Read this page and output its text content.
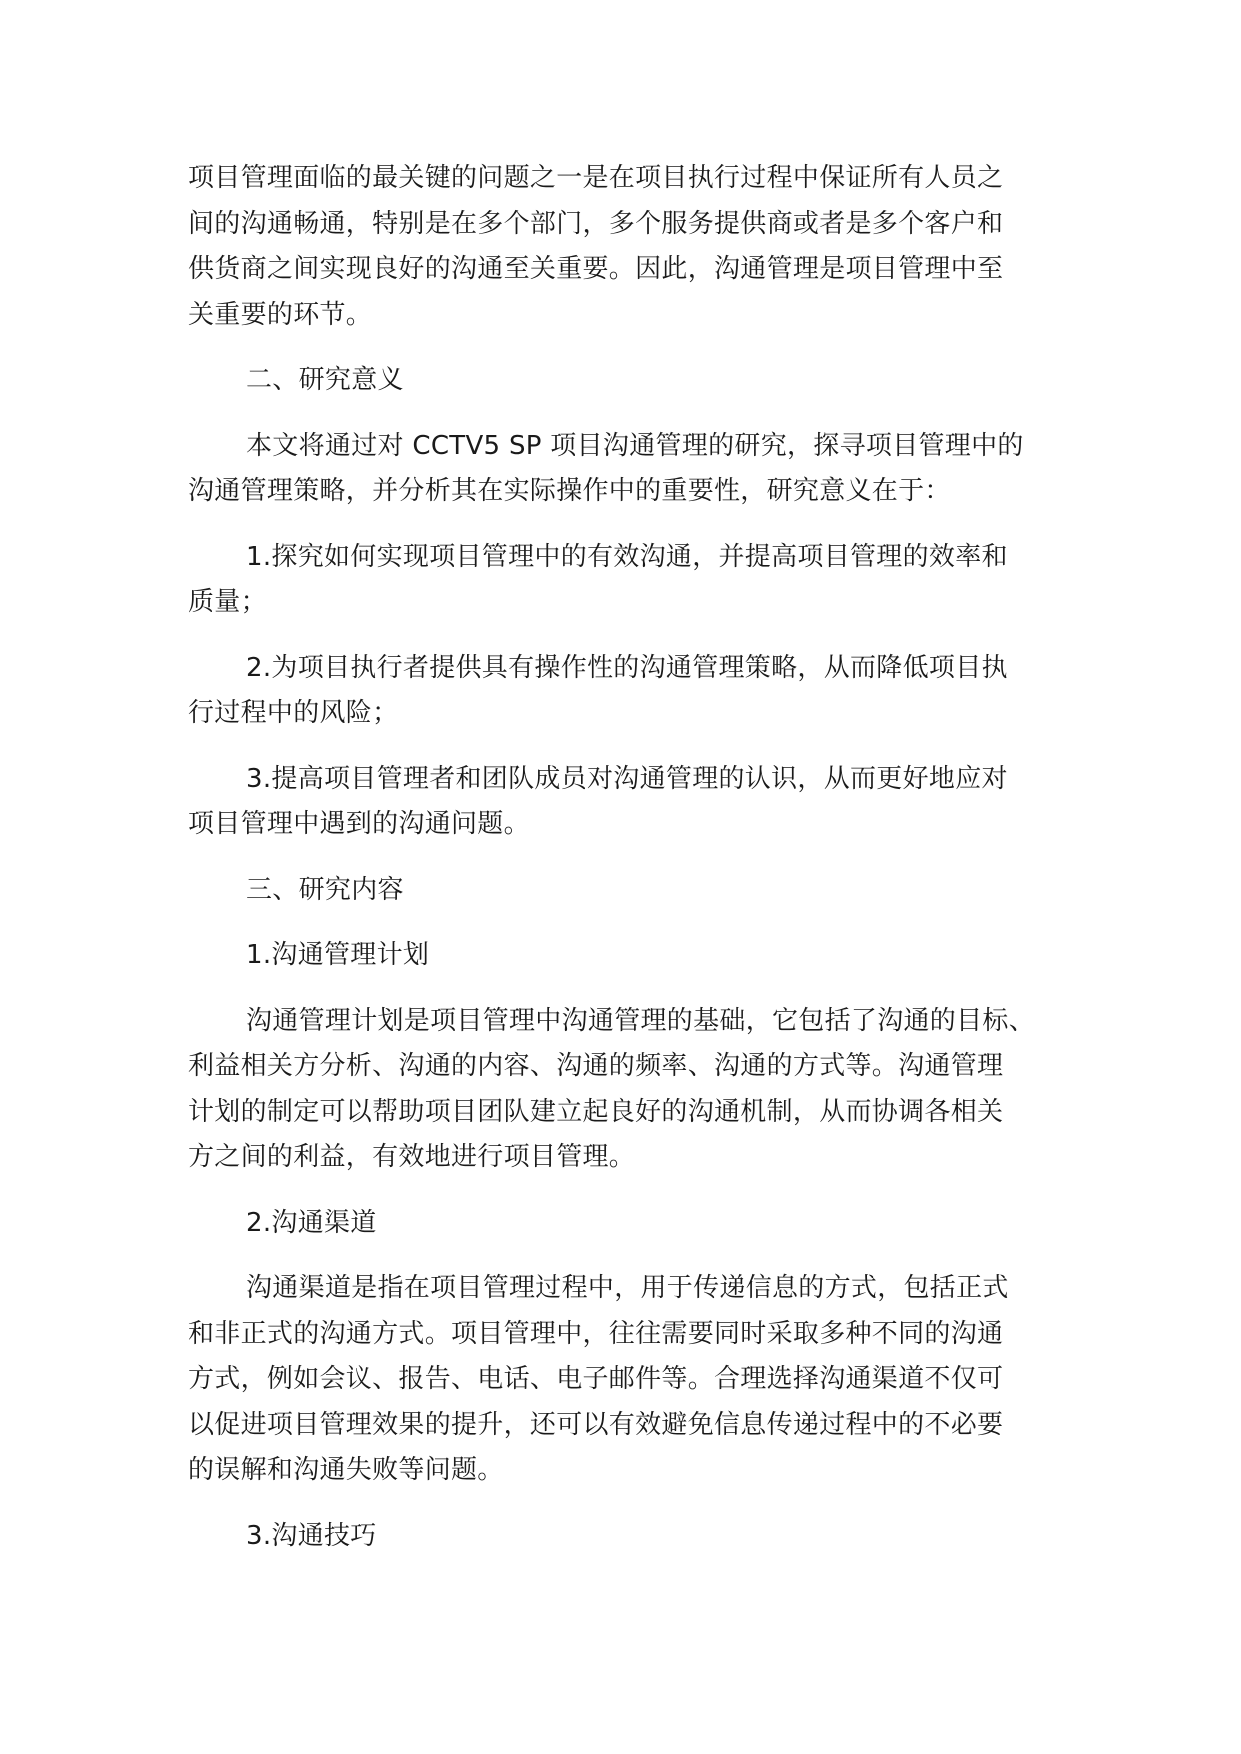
项目管理面临的最关键的问题之一是在项目执行过程中保证所有人员之
间的沟通畅通，特别是在多个部门，多个服务提供商或者是多个客户和
供货商之间实现良好的沟通至关重要。因此，沟通管理是项目管理中至
关重要的环节。
二、研究意义
本文将通过对 CCTV5 SP 项目沟通管理的研究，探寻项目管理中的
沟通管理策略，并分析其在实际操作中的重要性，研究意义在于：
1.探究如何实现项目管理中的有效沟通，并提高项目管理的效率和
质量；
2.为项目执行者提供具有操作性的沟通管理策略，从而降低项目执
行过程中的风险；
3.提高项目管理者和团队成员对沟通管理的认识，从而更好地应对
项目管理中遇到的沟通问题。
三、研究内容
1.沟通管理计划
沟通管理计划是项目管理中沟通管理的基础，它包括了沟通的目标、
利益相关方分析、沟通的内容、沟通的频率、沟通的方式等。沟通管理
计划的制定可以帮助项目团队建立起良好的沟通机制，从而协调各相关
方之间的利益，有效地进行项目管理。
2.沟通渠道
沟通渠道是指在项目管理过程中，用于传递信息的方式，包括正式
和非正式的沟通方式。项目管理中，往往需要同时采取多种不同的沟通
方式，例如会议、报告、电话、电子邮件等。合理选择沟通渠道不仅可
以促进项目管理效果的提升，还可以有效避免信息传递过程中的不必要
的误解和沟通失败等问题。
3.沟通技巧
